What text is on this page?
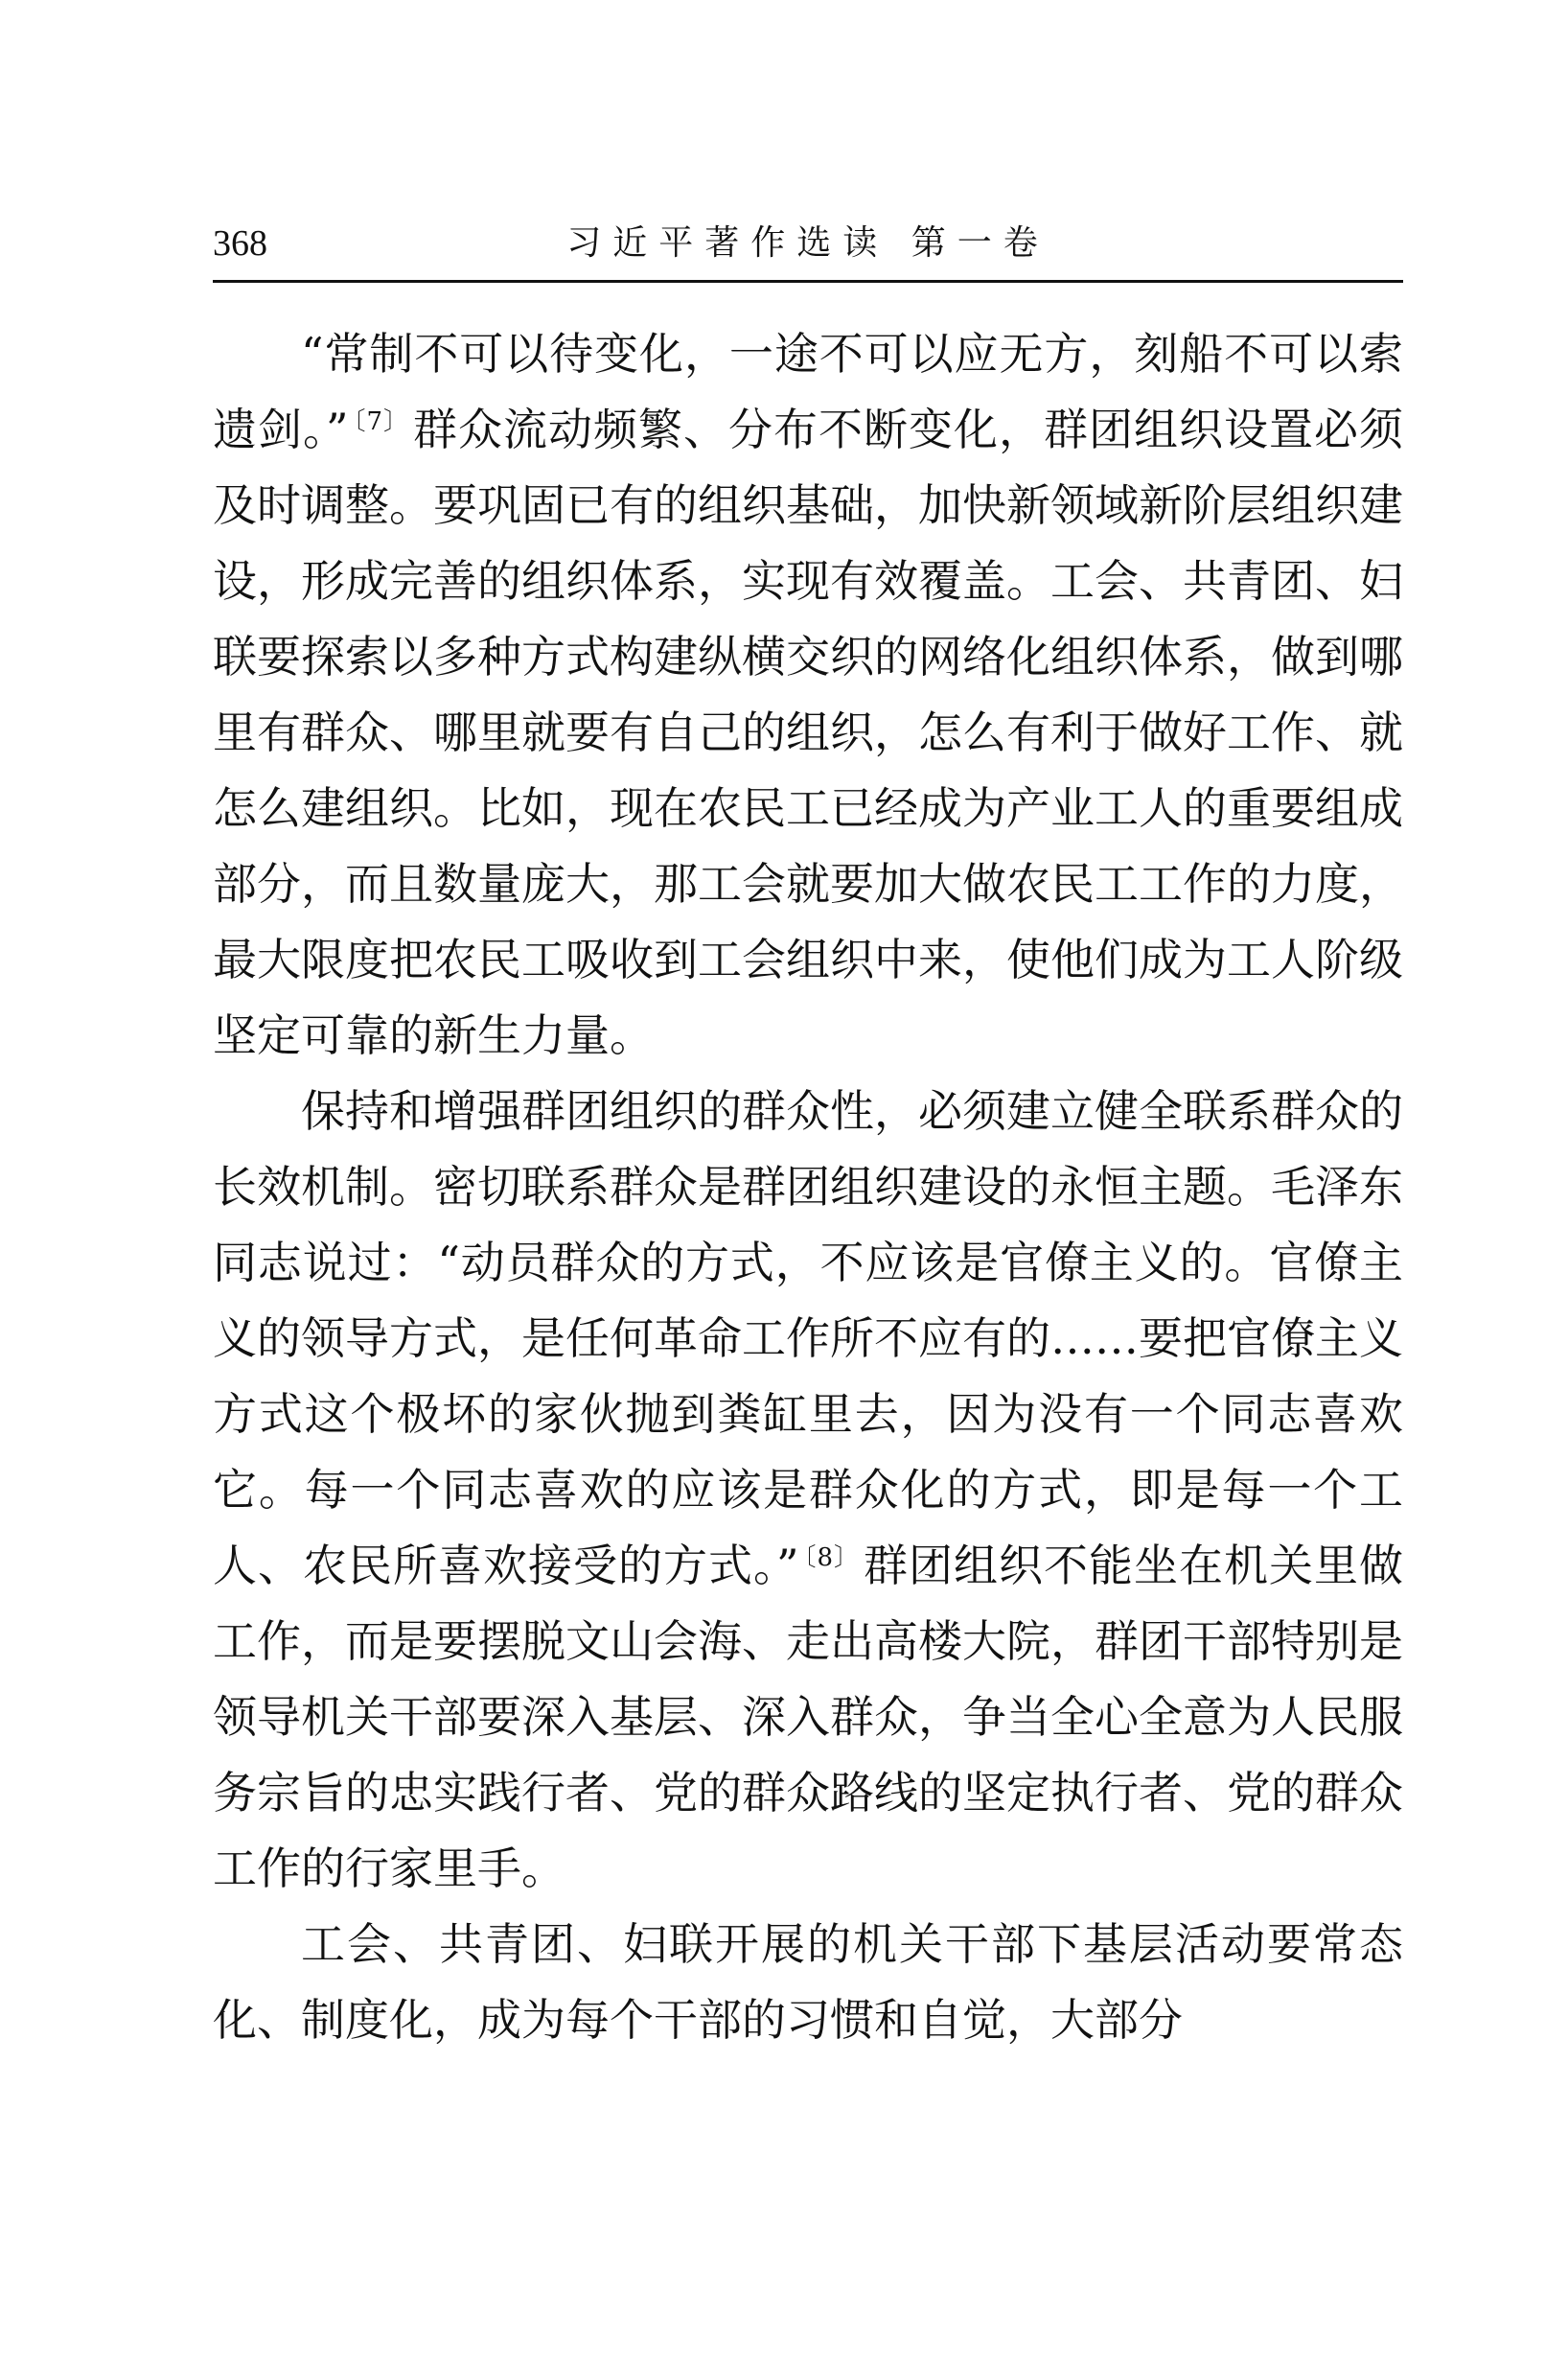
368	习近平著作选读 第一卷

“常制不可以待变化，一途不可以应无方，刻船不可以索遗剑。” $^{〔7〕}$群众流动频繁、分布不断变化，群团组织设置必须及时调整。要巩固已有的组织基础，加快新领域新阶层组织建设，形成完善的组织体系，实现有效覆盖。工会、共青团、妇联要探索以多种方式构建纵横交织的网络化组织体系，做到哪里有群众、哪里就要有自己的组织，怎么有利于做好工作、就怎么建组织。比如，现在农民工已经成为产业工人的重要组成部分，而且数量庞大，那工会就要加大做农民工工作的力度，最大限度把农民工吸收到工会组织中来，使他们成为工人阶级坚定可靠的新生力量。

保持和增强群团组织的群众性，必须建立健全联系群众的长效机制。密切联系群众是群团组织建设的永恒主题。毛泽东同志说过：“动员群众的方式，不应该是官僚主义的。官僚主义的领导方式，是任何革命工作所不应有的……要把官僚主义方式这个极坏的家伙抛到粪缸里去，因为没有一个同志喜欢它。每一个同志喜欢的应该是群众化的方式，即是每一个工人、农民所喜欢接受的方式。” $^{〔8〕}$群团组织不能坐在机关里做工作，而是要摆脱文山会海、走出高楼大院，群团干部特别是领导机关干部要深入基层、深入群众，争当全心全意为人民服务宗旨的忠实践行者、党的群众路线的坚定执行者、党的群众工作的行家里手。

工会、共青团、妇联开展的机关干部下基层活动要常态化、制度化，成为每个干部的习惯和自觉，大部分
